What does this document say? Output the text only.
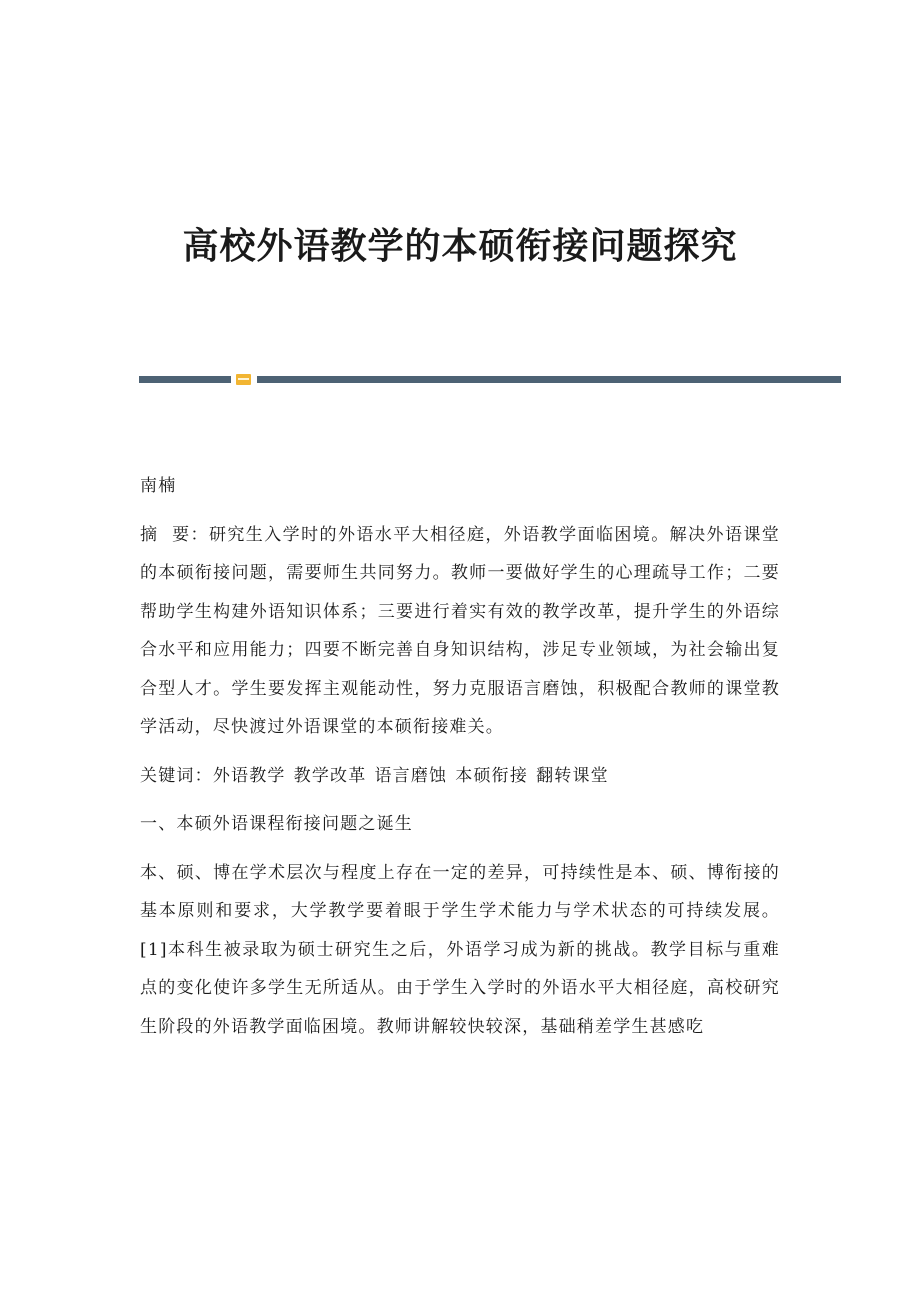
高校外语教学的本硕衔接问题探究

南楠

摘  要：研究生入学时的外语水平大相径庭，外语教学面临困境。解决外语课堂的本硕衔接问题，需要师生共同努力。教师一要做好学生的心理疏导工作；二要帮助学生构建外语知识体系；三要进行着实有效的教学改革，提升学生的外语综合水平和应用能力；四要不断完善自身知识结构，涉足专业领域，为社会输出复合型人才。学生要发挥主观能动性，努力克服语言磨蚀，积极配合教师的课堂教学活动，尽快渡过外语课堂的本硕衔接难关。

关键词：外语教学 教学改革 语言磨蚀 本硕衔接 翻转课堂

一、本硕外语课程衔接问题之诞生

本、硕、博在学术层次与程度上存在一定的差异，可持续性是本、硕、博衔接的基本原则和要求，大学教学要着眼于学生学术能力与学术状态的可持续发展。[1]本科生被录取为硕士研究生之后，外语学习成为新的挑战。教学目标与重难点的变化使许多学生无所适从。由于学生入学时的外语水平大相径庭，高校研究生阶段的外语教学面临困境。教师讲解较快较深，基础稍差学生甚感吃
